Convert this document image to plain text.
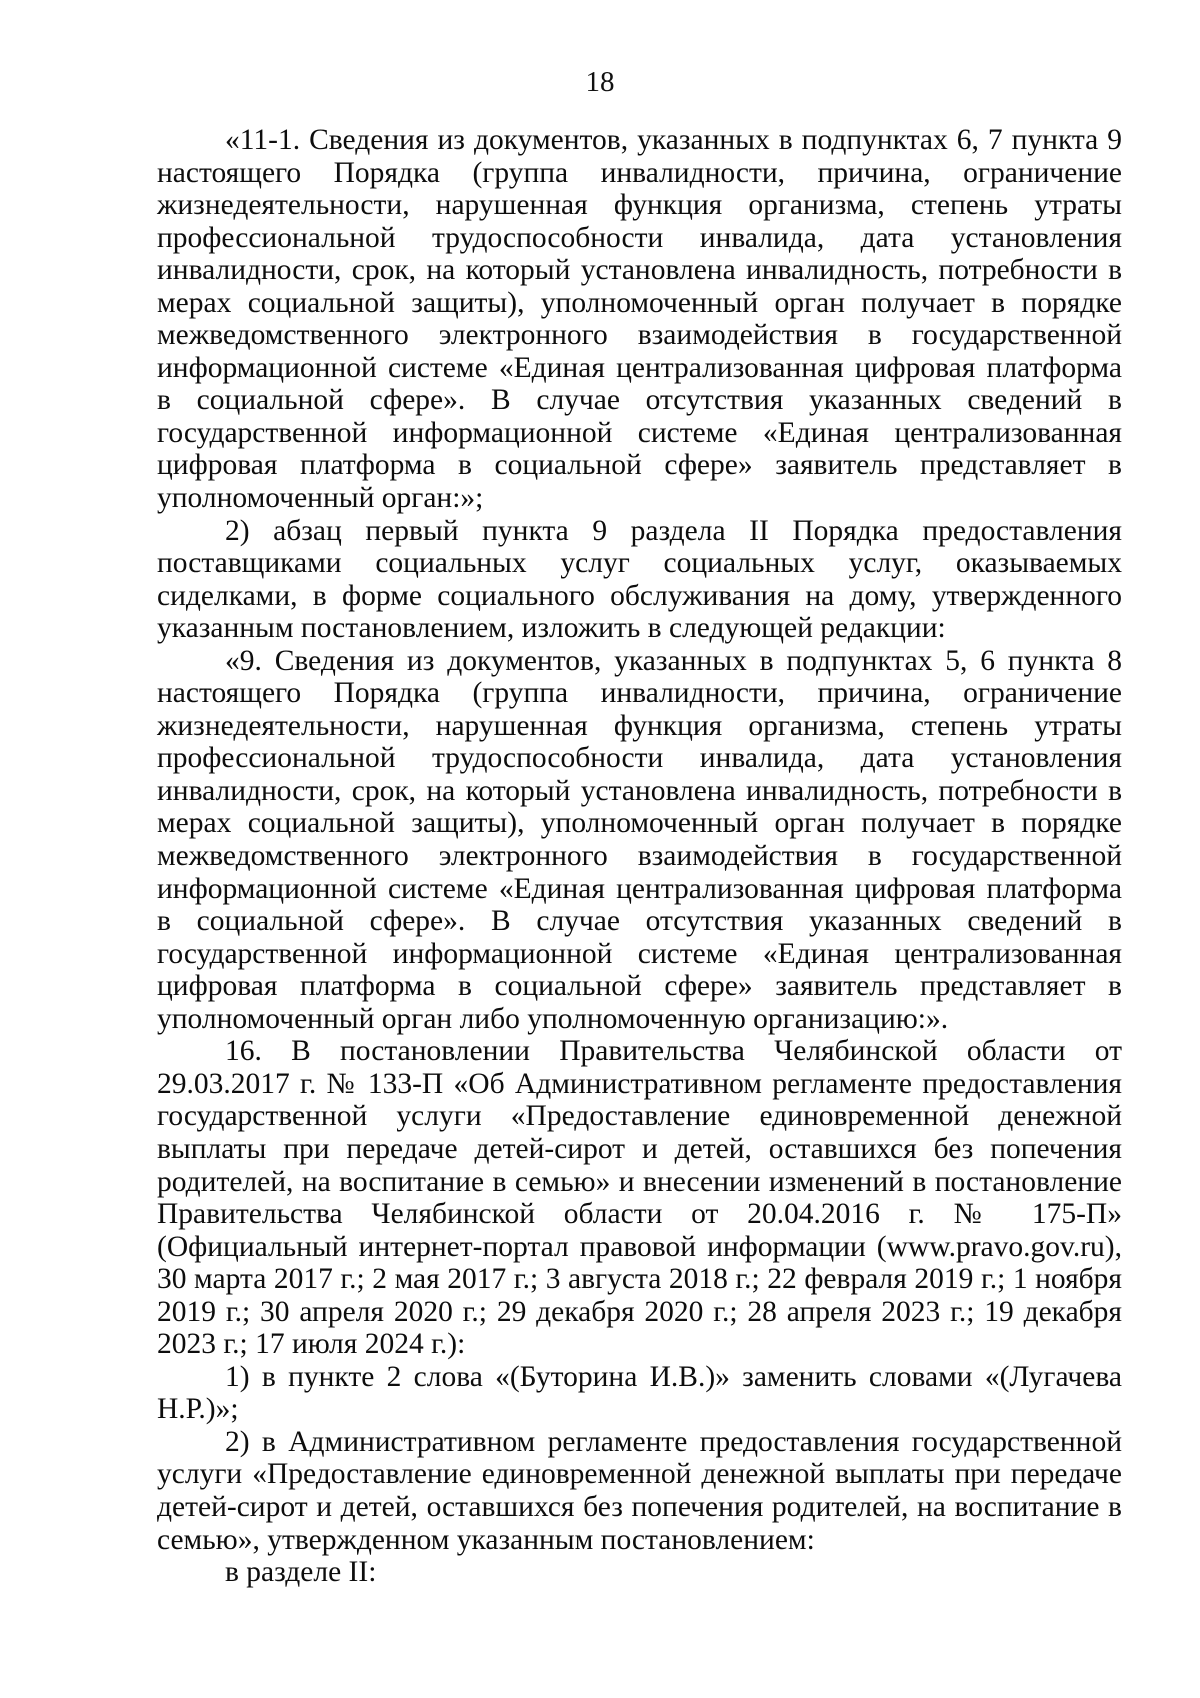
18

«11-1. Сведения из документов, указанных в подпунктах 6, 7 пункта 9 настоящего Порядка (группа инвалидности, причина, ограничение жизнедеятельности, нарушенная функция организма, степень утраты профессиональной трудоспособности инвалида, дата установления инвалидности, срок, на который установлена инвалидность, потребности в мерах социальной защиты), уполномоченный орган получает в порядке межведомственного электронного взаимодействия в государственной информационной системе «Единая централизованная цифровая платформа в социальной сфере». В случае отсутствия указанных сведений в государственной информационной системе «Единая централизованная цифровая платформа в социальной сфере» заявитель представляет в уполномоченный орган:»;

2) абзац первый пункта 9 раздела II Порядка предоставления поставщиками социальных услуг социальных услуг, оказываемых сиделками, в форме социального обслуживания на дому, утвержденного указанным постановлением, изложить в следующей редакции:

«9. Сведения из документов, указанных в подпунктах 5, 6 пункта 8 настоящего Порядка (группа инвалидности, причина, ограничение жизнедеятельности, нарушенная функция организма, степень утраты профессиональной трудоспособности инвалида, дата установления инвалидности, срок, на который установлена инвалидность, потребности в мерах социальной защиты), уполномоченный орган получает в порядке межведомственного электронного взаимодействия в государственной информационной системе «Единая централизованная цифровая платформа в социальной сфере». В случае отсутствия указанных сведений в государственной информационной системе «Единая централизованная цифровая платформа в социальной сфере» заявитель представляет в уполномоченный орган либо уполномоченную организацию:».

16. В постановлении Правительства Челябинской области от 29.03.2017 г. № 133-П «Об Административном регламенте предоставления государственной услуги «Предоставление единовременной денежной выплаты при передаче детей-сирот и детей, оставшихся без попечения родителей, на воспитание в семью» и внесении изменений в постановление Правительства Челябинской области от 20.04.2016 г. № 175-П» (Официальный интернет-портал правовой информации (www.pravo.gov.ru), 30 марта 2017 г.; 2 мая 2017 г.; 3 августа 2018 г.; 22 февраля 2019 г.; 1 ноября 2019 г.; 30 апреля 2020 г.; 29 декабря 2020 г.; 28 апреля 2023 г.; 19 декабря 2023 г.; 17 июля 2024 г.):

1) в пункте 2 слова «(Буторина И.В.)» заменить словами «(Лугачева Н.Р.)»;

2) в Административном регламенте предоставления государственной услуги «Предоставление единовременной денежной выплаты при передаче детей-сирот и детей, оставшихся без попечения родителей, на воспитание в семью», утвержденном указанным постановлением:

в разделе II:
